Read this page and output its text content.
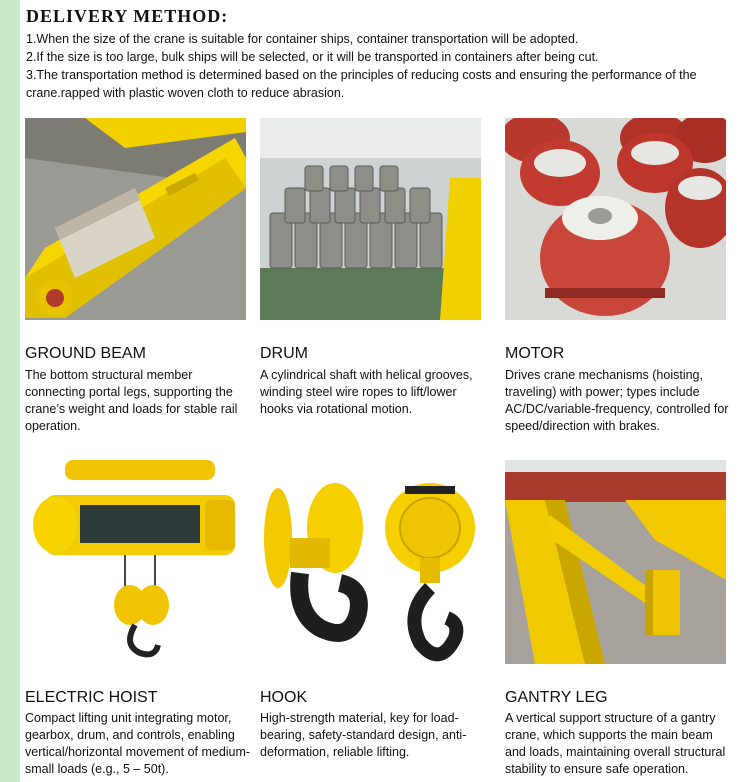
DELIVERY METHOD:

1.When the size of the crane is suitable for container ships, container transportation will be adopted.

2.If the size is too large, bulk ships will be selected, or it will be transported in containers after being cut.

3.The transportation method is determined based on the principles of reducing costs and ensuring the performance of the crane.rapped with plastic woven cloth to reduce abrasion.

GROUND BEAM
The bottom structural member connecting portal legs, supporting the crane’s weight and loads for stable rail operation.
DRUM
A cylindrical shaft with helical grooves, winding steel wire ropes to lift/lower hooks via rotational motion.
MOTOR
Drives crane mechanisms (hoisting, traveling) with power; types include AC/DC/variable-frequency, controlled for speed/direction with brakes.
ELECTRIC HOIST
Compact lifting unit integrating motor, gearbox, drum, and controls, enabling vertical/horizontal movement of medium-small loads (e.g., 5 – 50t).
HOOK
High-strength material, key for load-bearing, safety-standard design, anti-deformation, reliable lifting.
GANTRY LEG
A vertical support structure of a gantry crane, which supports the main beam and loads, maintaining overall structural stability to ensure safe operation.
